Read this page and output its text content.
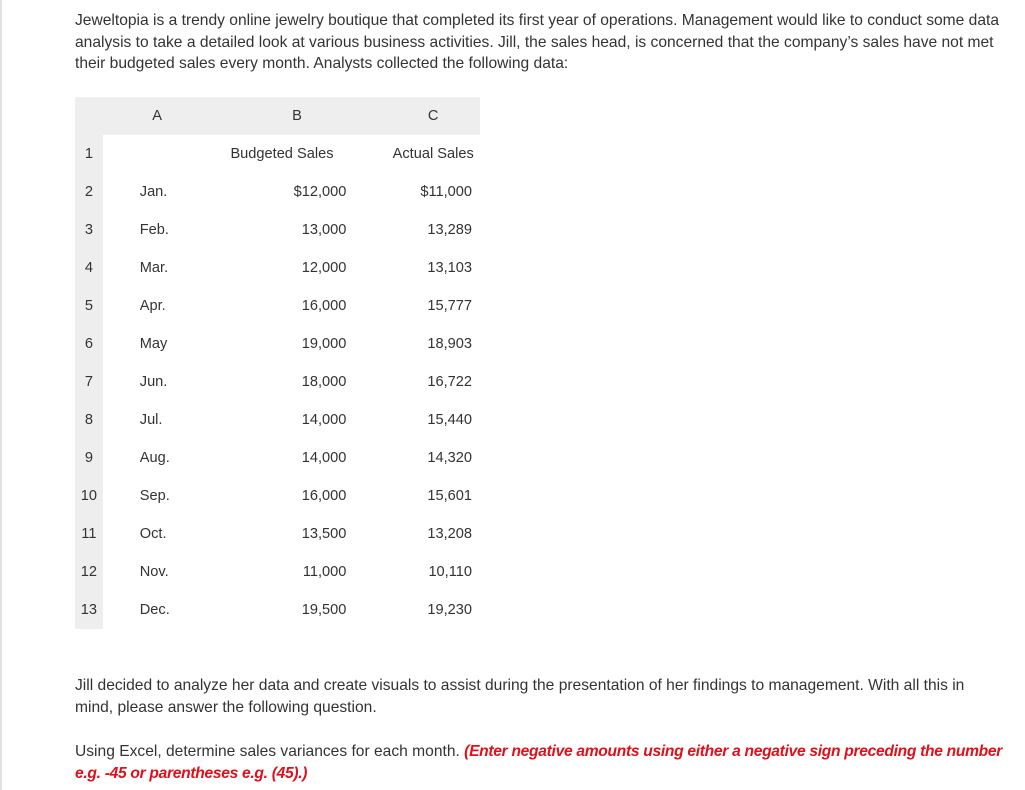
Jeweltopia is a trendy online jewelry boutique that completed its first year of operations. Management would like to conduct some data analysis to take a detailed look at various business activities. Jill, the sales head, is concerned that the company’s sales have not met their budgeted sales every month. Analysts collected the following data:

	A	B	C
1		Budgeted Sales	Actual Sales
2	Jan.	$12,000	$11,000
3	Feb.	13,000	13,289
4	Mar.	12,000	13,103
5	Apr.	16,000	15,777
6	May	19,000	18,903
7	Jun.	18,000	16,722
8	Jul.	14,000	15,440
9	Aug.	14,000	14,320
10	Sep.	16,000	15,601
11	Oct.	13,500	13,208
12	Nov.	11,000	10,110
13	Dec.	19,500	19,230

Jill decided to analyze her data and create visuals to assist during the presentation of her findings to management. With all this in mind, please answer the following question.

Using Excel, determine sales variances for each month. (Enter negative amounts using either a negative sign preceding the number e.g. -45 or parentheses e.g. (45).)
